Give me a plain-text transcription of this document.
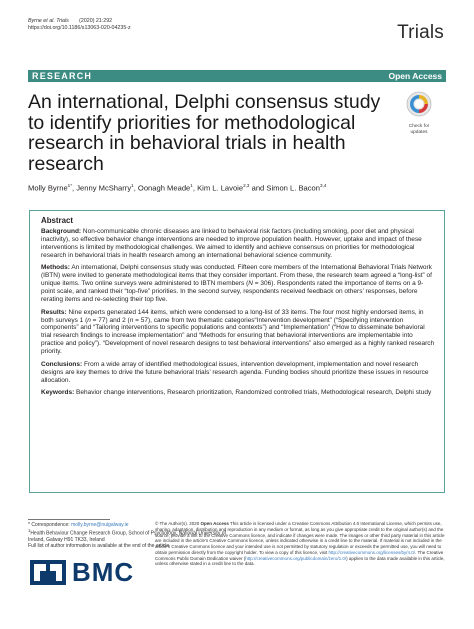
Byrne et al. Trials (2020) 21:292
https://doi.org/10.1186/s13063-020-04235-z	Trials
RESEARCH	Open Access
An international, Delphi consensus study to identify priorities for methodological research in behavioral trials in health research
Check for
updates
Molly Byrne$^{1*}$, Jenny McSharry$^1$, Oonagh Meade$^1$, Kim L. Lavoie$^{2,3}$ and Simon L. Bacon$^{3,4}$
Abstract

Background: Non-communicable chronic diseases are linked to behavioral risk factors (including smoking, poor diet and physical inactivity), so effective behavior change interventions are needed to improve population health. However, uptake and impact of these interventions is limited by methodological challenges. We aimed to identify and achieve consensus on priorities for methodological research in behavioral trials in health research among an international behavioral science community.

Methods: An international, Delphi consensus study was conducted. Fifteen core members of the International Behavioral Trials Network (IBTN) were invited to generate methodological items that they consider important. From these, the research team agreed a “long-list” of unique items. Two online surveys were administered to IBTN members (N = 306). Respondents rated the importance of items on a 9-point scale, and ranked their “top-five” priorities. In the second survey, respondents received feedback on others’ responses, before rerating items and re-selecting their top five.

Results: Nine experts generated 144 items, which were condensed to a long-list of 33 items. The four most highly endorsed items, in both surveys 1 (n = 77) and 2 (n = 57), came from two thematic categories“Intervention development” (“Specifying intervention components” and “Tailoring interventions to specific populations and contexts”) and “Implementation” (“How to disseminate behavioral trial research findings to increase implementation” and “Methods for ensuring that behavioral interventions are implementable into practice and policy”). “Development of novel research designs to test behavioral interventions” also emerged as a highly ranked research priority.

Conclusions: From a wide array of identified methodological issues, intervention development, implementation and novel research designs are key themes to drive the future behavioral trials’ research agenda. Funding bodies should prioritize these issues in resource allocation.

Keywords: Behavior change interventions, Research prioritization, Randomized controlled trials, Methodological research, Delphi study

* Correspondence: molly.byrne@nuigalway.ie
$^1$Health Behaviour Change Research Group, School of Psychology, National University of Ireland, Galway H91 TK33, Ireland
Full list of author information is available at the end of the article
BMC
© The Author(s). 2020 Open Access This article is licensed under a Creative Commons Attribution 4.0 International License, which permits use, sharing, adaptation, distribution and reproduction in any medium or format, as long as you give appropriate credit to the original author(s) and the source, provide a link to the Creative Commons licence, and indicate if changes were made. The images or other third party material in this article are included in the article's Creative Commons licence, unless indicated otherwise in a credit line to the material. If material is not included in the article's Creative Commons licence and your intended use is not permitted by statutory regulation or exceeds the permitted use, you will need to obtain permission directly from the copyright holder. To view a copy of this licence, visit http://creativecommons.org/licenses/by/4.0/. The Creative Commons Public Domain Dedication waiver (http://creativecommons.org/publicdomain/zero/1.0/) applies to the data made available in this article, unless otherwise stated in a credit line to the data.
